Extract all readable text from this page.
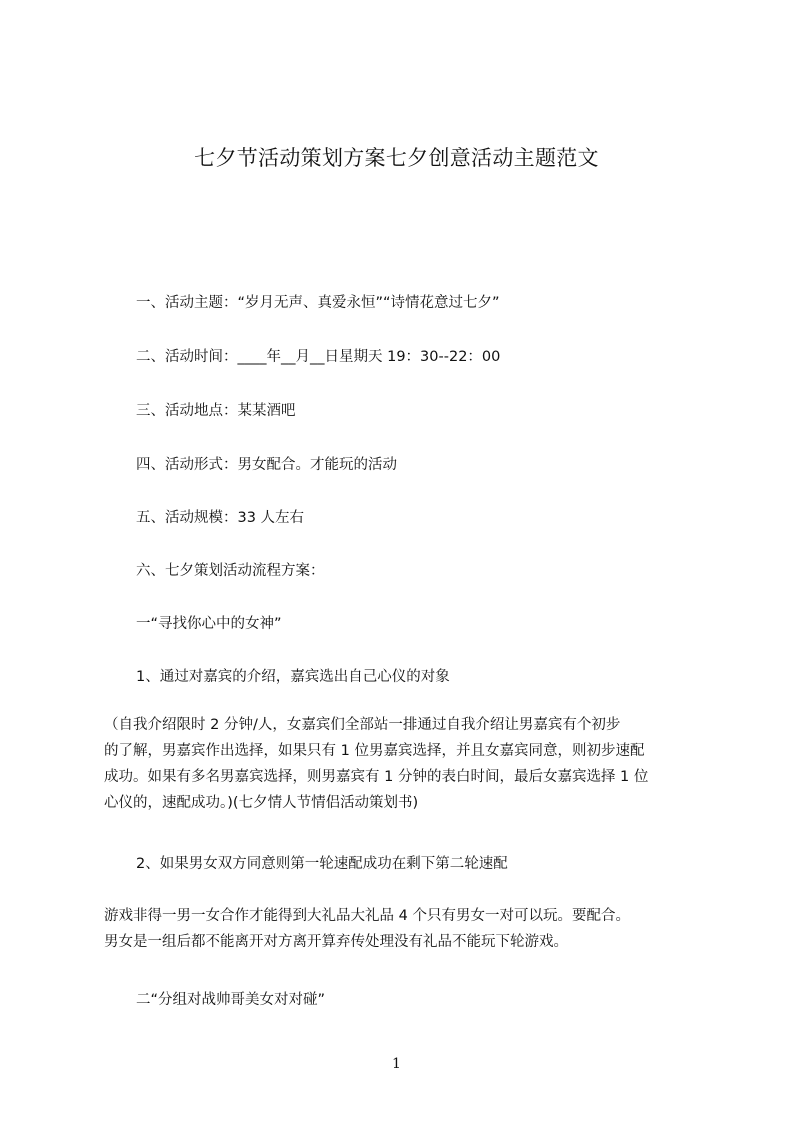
七夕节活动策划方案七夕创意活动主题范文

一、活动主题：“岁月无声、真爱永恒”“诗情花意过七夕”

二、活动时间：____年__月__日星期天 19：30--22：00

三、活动地点：某某酒吧

四、活动形式：男女配合。才能玩的活动

五、活动规模：33 人左右

六、七夕策划活动流程方案：

一“寻找你心中的女神”

1、通过对嘉宾的介绍，嘉宾选出自己心仪的对象

（自我介绍限时 2 分钟/人，女嘉宾们全部站一排通过自我介绍让男嘉宾有个初步
的了解，男嘉宾作出选择，如果只有 1 位男嘉宾选择，并且女嘉宾同意，则初步速配
成功。如果有多名男嘉宾选择，则男嘉宾有 1 分钟的表白时间，最后女嘉宾选择 1 位
心仪的，速配成功。)(七夕情人节情侣活动策划书)

2、如果男女双方同意则第一轮速配成功在剩下第二轮速配

游戏非得一男一女合作才能得到大礼品大礼品 4 个只有男女一对可以玩。要配合。
男女是一组后都不能离开对方离开算弃传处理没有礼品不能玩下轮游戏。

二“分组对战帅哥美女对对碰”

1
